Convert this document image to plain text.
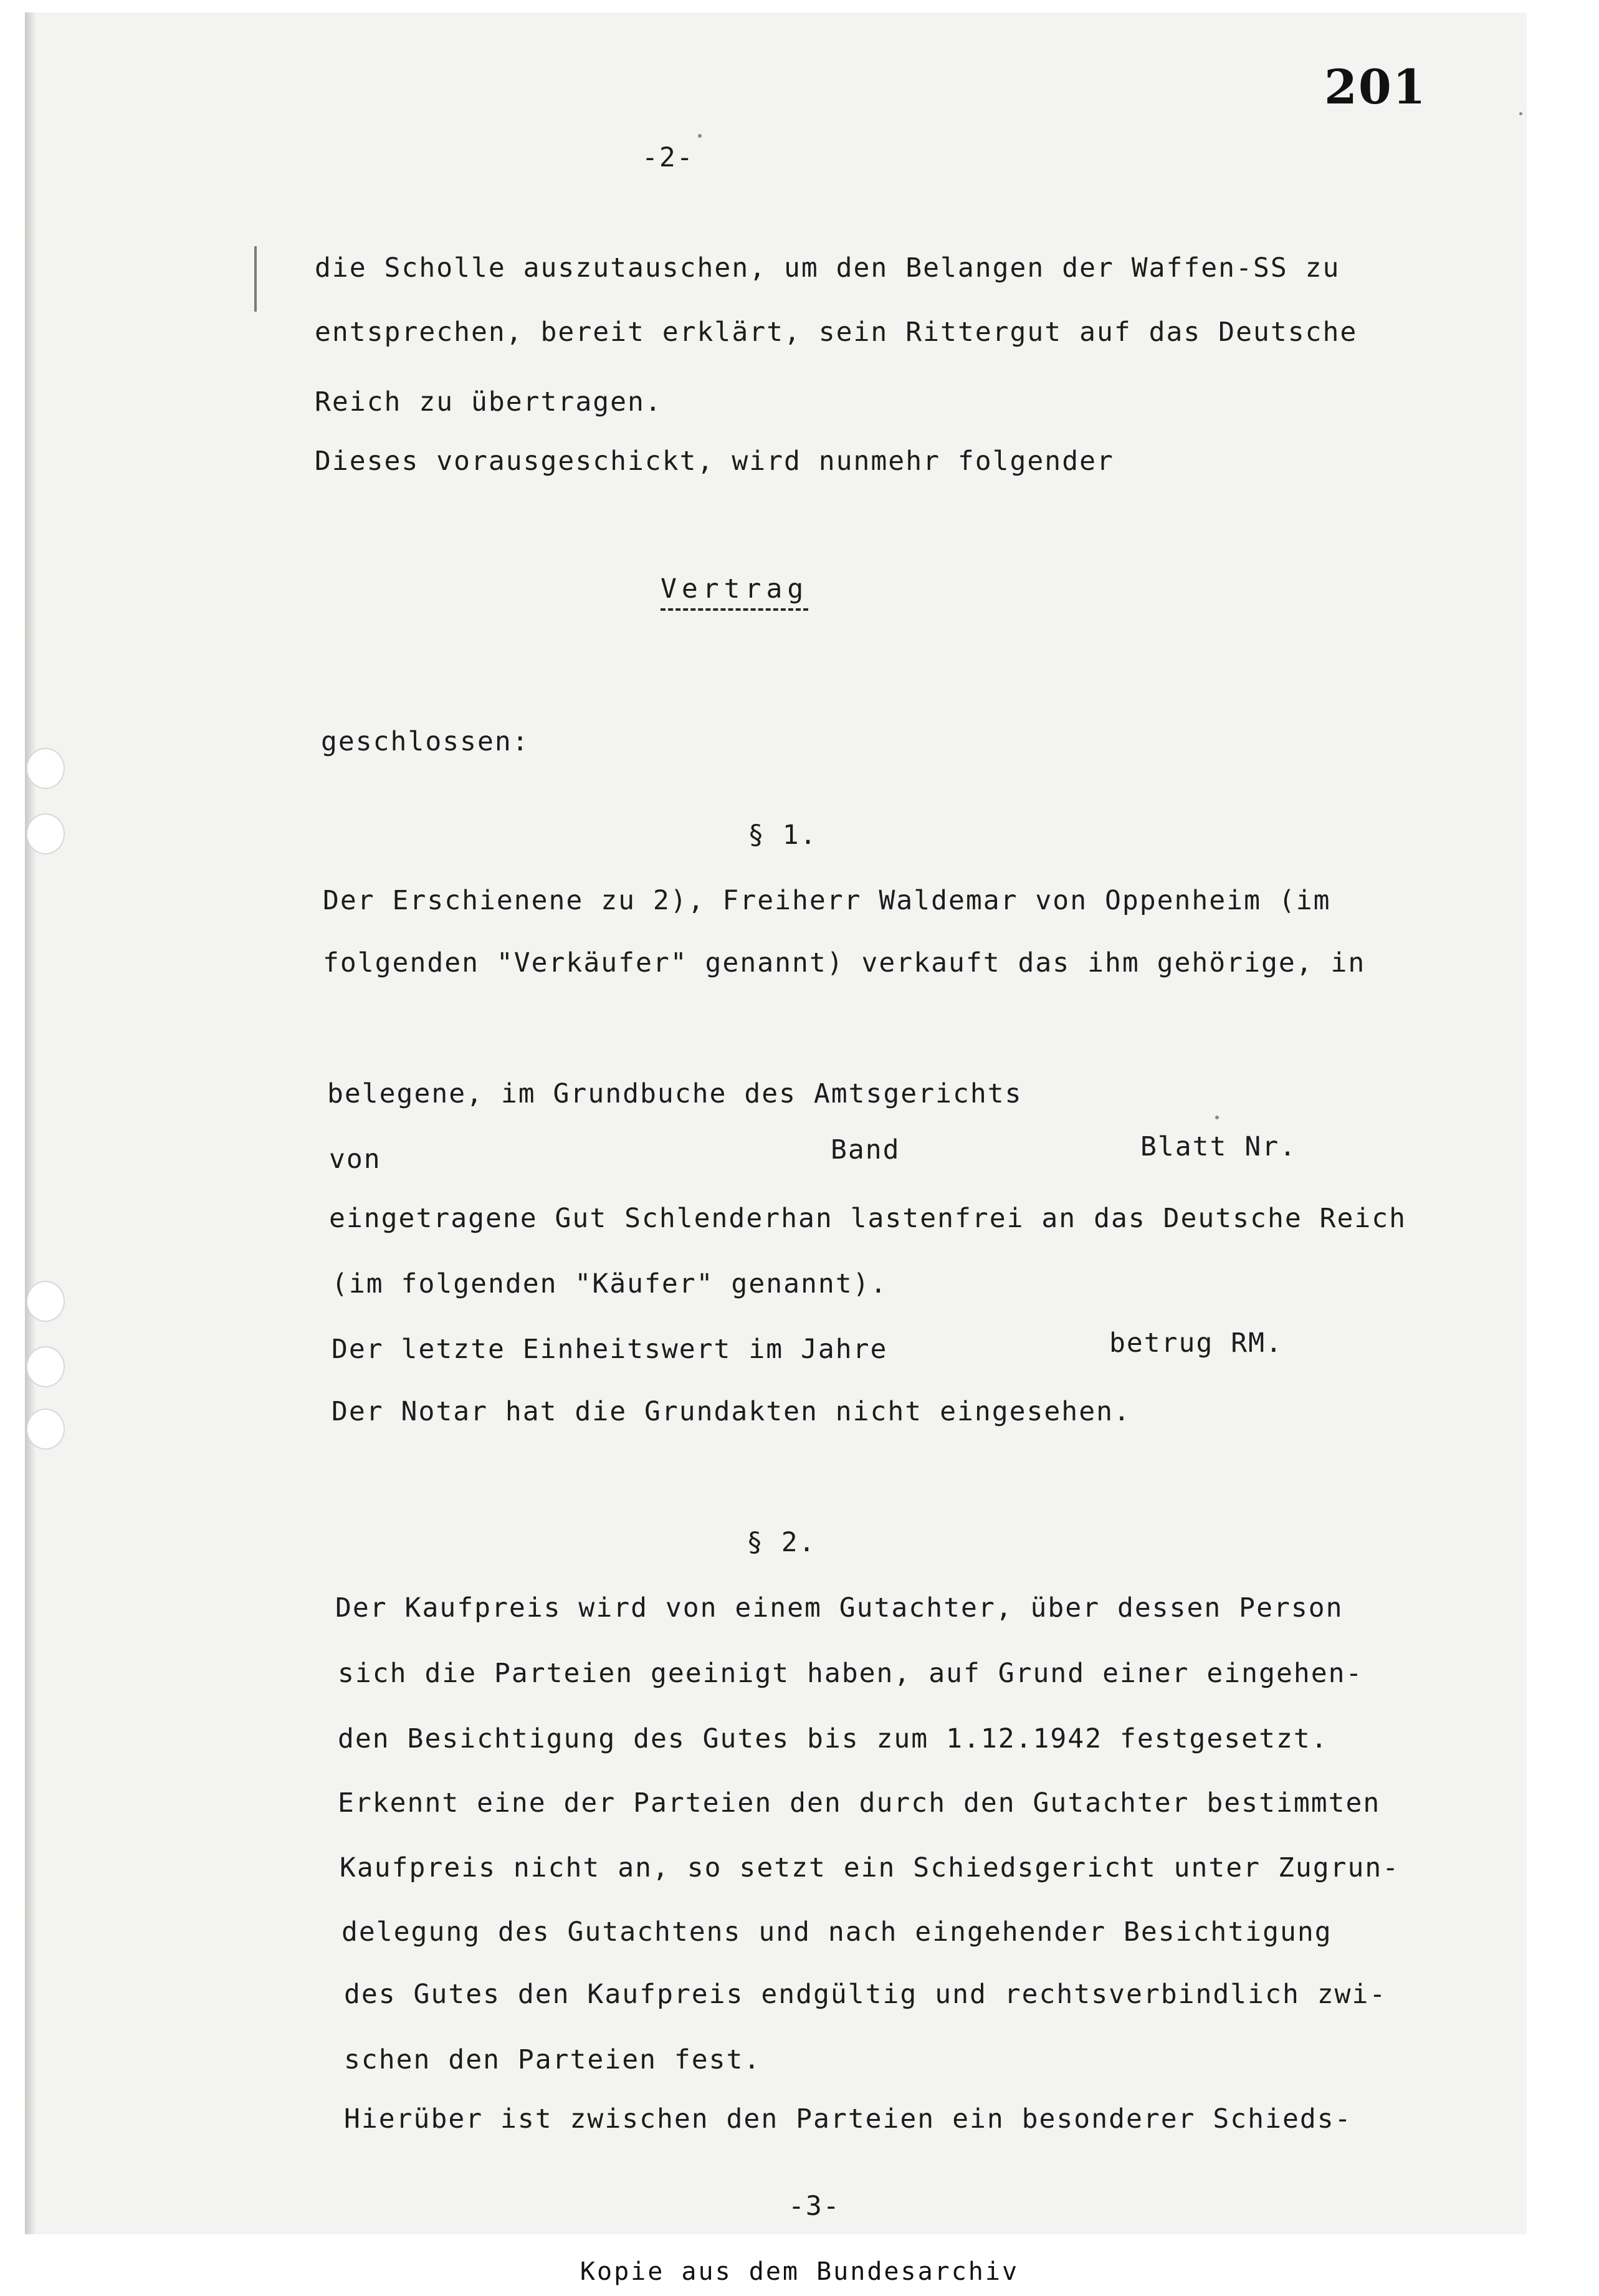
201
-2-
die Scholle auszutauschen, um den Belangen der Waffen-SS zu
entsprechen, bereit erklärt, sein Rittergut auf das Deutsche
Reich zu übertragen.
Dieses vorausgeschickt, wird nunmehr folgender
Vertrag
geschlossen:
§ 1.
Der Erschienene zu 2), Freiherr Waldemar von Oppenheim (im
folgenden "Verkäufer" genannt) verkauft das ihm gehörige, in
belegene, im Grundbuche des Amtsgerichts
von	Band	Blatt Nr.
eingetragene Gut Schlenderhan lastenfrei an das Deutsche Reich
(im folgenden "Käufer" genannt).
Der letzte Einheitswert im Jahre	betrug RM.
Der Notar hat die Grundakten nicht eingesehen.
§ 2.
Der Kaufpreis wird von einem Gutachter, über dessen Person
sich die Parteien geeinigt haben, auf Grund einer eingehen-
den Besichtigung des Gutes bis zum 1.12.1942 festgesetzt.
Erkennt eine der Parteien den durch den Gutachter bestimmten
Kaufpreis nicht an, so setzt ein Schiedsgericht unter Zugrun-
delegung des Gutachtens und nach eingehender Besichtigung
des Gutes den Kaufpreis endgültig und rechtsverbindlich zwi-
schen den Parteien fest.
Hierüber ist zwischen den Parteien ein besonderer Schieds-
-3-
Kopie aus dem Bundesarchiv
